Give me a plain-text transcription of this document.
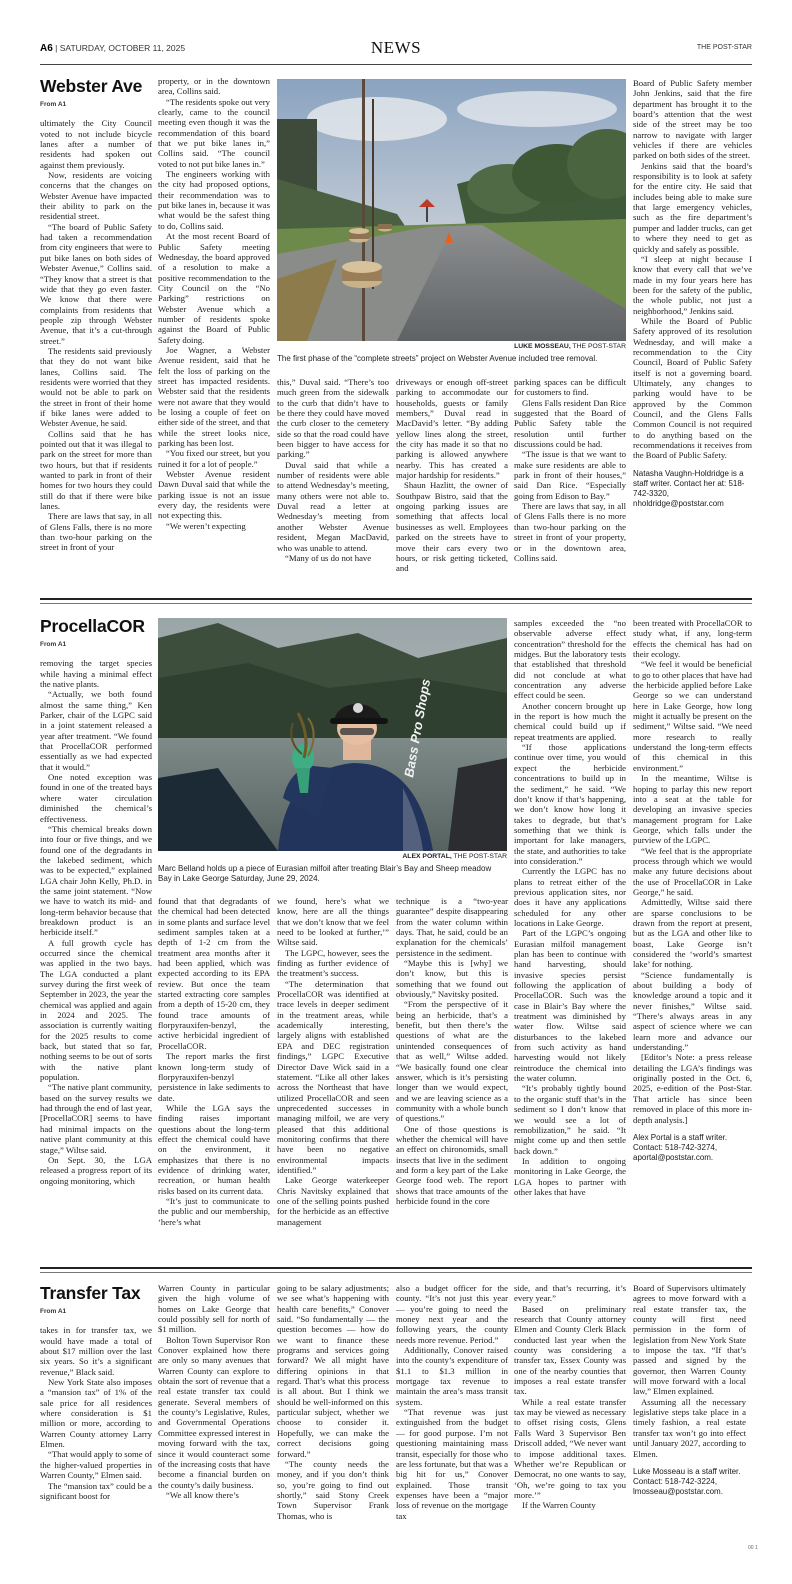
A6 | SATURDAY, OCTOBER 11, 2025	NEWS	THE POST-STAR
Webster Ave
From A1

ultimately the City Council voted to not include bicycle lanes after a number of residents had spoken out against them previously.

Now, residents are voicing concerns that the changes on Webster Avenue have impacted their ability to park on the residential street.

“The board of Public Safety had taken a recommendation from city engineers that were to put bike lanes on both sides of Webster Avenue,” Collins said. “They know that a street is that wide that they go even faster. We know that there were complaints from residents that people zip through Webster Avenue, that it’s a cut-through street.”

The residents said previously that they do not want bike lanes, Collins said. The residents were worried that they would not be able to park on the street in front of their home if bike lanes were added to Webster Avenue, he said.

Collins said that he has pointed out that it was illegal to park on the street for more than two hours, but that if residents wanted to park in front of their homes for two hours they could still do that if there were bike lanes.

There are laws that say, in all of Glens Falls, there is no more than two-hour parking on the street in front of your

property, or in the downtown area, Collins said.

“The residents spoke out very clearly, came to the council meeting even though it was the recommendation of this board that we put bike lanes in,” Collins said. “The council voted to not put bike lanes in.”

The engineers working with the city had proposed options, their recommendation was to put bike lanes in, because it was what would be the safest thing to do, Collins said.

At the most recent Board of Public Safety meeting Wednesday, the board approved of a resolution to make a positive recommendation to the City Council on the “No Parking” restrictions on Webster Avenue which a number of residents spoke against the Board of Public Safety doing.

Joe Wagner, a Webster Avenue resident, said that he felt the loss of parking on the street has impacted residents. Webster said that the residents were not aware that they would be losing a couple of feet on either side of the street, and that while the street looks nice, parking has been lost.

“You fixed our street, but you ruined it for a lot of people.”

Webster Avenue resident Dawn Duval said that while the parking issue is not an issue every day, the residents were not expecting this.

“We weren’t expecting

LUKE MOSSEAU, THE POST-STAR
The first phase of the “complete streets” project on Webster Avenue included tree removal.

this,” Duval said. “There’s too much green from the sidewalk to the curb that didn’t have to be there they could have moved the curb closer to the cemetery side so that the road could have been bigger to have access for parking.”

Duval said that while a number of residents were able to attend Wednesday’s meeting, many others were not able to. Duval read a letter at Wednesday’s meeting from another Webster Avenue resident, Megan MacDavid, who was unable to attend.

“Many of us do not have

driveways or enough off-street parking to accommodate our households, guests or family members,” Duval read in MacDavid’s letter. “By adding yellow lines along the street, the city has made it so that no parking is allowed anywhere nearby. This has created a major hardship for residents.”

Shaun Hazlitt, the owner of Southpaw Bistro, said that the ongoing parking issues are something that affects local businesses as well. Employees parked on the streets have to move their cars every two hours, or risk getting ticketed, and

parking spaces can be difficult for customers to find.

Glens Falls resident Dan Rice suggested that the Board of Public Safety table the resolution until further discussions could be had.

“The issue is that we want to make sure residents are able to park in front of their houses,” said Dan Rice. “Especially going from Edison to Bay.”

There are laws that say, in all of Glens Falls there is no more than two-hour parking on the street in front of your property, or in the downtown area, Collins said.

Board of Public Safety member John Jenkins, said that the fire department has brought it to the board’s attention that the west side of the street may be too narrow to navigate with larger vehicles if there are vehicles parked on both sides of the street.

Jenkins said that the board’s responsibility is to look at safety for the entire city. He said that includes being able to make sure that large emergency vehicles, such as the fire department’s pumper and ladder trucks, can get to where they need to get as quickly and safely as possible.

“I sleep at night because I know that every call that we’ve made in my four years here has been for the safety of the public, the whole public, not just a neighborhood,” Jenkins said.

While the Board of Public Safety approved of its resolution Wednesday, and will make a recommendation to the City Council, Board of Public Safety itself is not a governing board. Ultimately, any changes to parking would have to be approved by the Common Council, and the Glens Falls Common Council is not required to do anything based on the recommendations it receives from the Board of Public Safety.

Natasha Vaughn-Holdridge is a staff writer. Contact her at: 518-742-3320, nholdridge@poststar.com

ProcellaCOR
From A1

removing the target species while having a minimal effect the native plants.

“Actually, we both found almost the same thing,” Ken Parker, chair of the LGPC said in a joint statement released a year after treatment. “We found that ProcellaCOR performed essentially as we had expected that it would.”

One noted exception was found in one of the treated bays where water circulation diminished the chemical’s effectiveness.

“This chemical breaks down into four or five things, and we found one of the degradants in the lakebed sediment, which was to be expected,” explained LGA chair John Kelly, Ph.D. in the same joint statement. “Now we have to watch its mid- and long-term behavior because that breakdown product is an herbicide itself.”

A full growth cycle has occurred since the chemical was applied in the two bays. The LGA conducted a plant survey during the first week of September in 2023, the year the chemical was applied and again in 2024 and 2025. The association is currently waiting for the 2025 results to come back, but stated that so far, nothing seems to be out of sorts with the native plant population.

“The native plant community, based on the survey results we had through the end of last year, [ProcellaCOR] seems to have had minimal impacts on the native plant community at this stage,” Wiltse said.

On Sept. 30, the LGA released a progress report of its ongoing monitoring, which

Bass Pro Shops
ALEX PORTAL, THE POST-STAR
Marc Belland holds up a piece of Eurasian milfoil after treating Blair’s Bay and Sheep meadow Bay in Lake George Saturday, June 29, 2024.

found that that degradants of the chemical had been detected in some plants and surface level sediment samples taken at a depth of 1-2 cm from the treatment area months after it had been applied, which was expected according to its EPA review. But once the team started extracting core samples from a depth of 15-20 cm, they found trace amounts of florpyrauxifen-benzyl, the active herbicidal ingredient of ProcellaCOR.

The report marks the first known long-term study of florpyrauxifen-benzyl persistence in lake sediments to date.

While the LGA says the finding raises important questions about the long-term effect the chemical could have on the environment, it emphasizes that there is no evidence of drinking water, recreation, or human health risks based on its current data.

“It’s just to communicate to the public and our membership, ‘here’s what

we found, here’s what we know, here are all the things that we don’t know that we feel need to be looked at further,’” Wiltse said.

The LGPC, however, sees the finding as further evidence of the treatment’s success.

“The determination that ProcellaCOR was identified at trace levels in deeper sediment in the treatment areas, while academically interesting, largely aligns with established EPA and DEC registration findings,” LGPC Executive Director Dave Wick said in a statement. “Like all other lakes across the Northeast that have utilized ProcellaCOR and seen unprecedented successes in managing milfoil, we are very pleased that this additional monitoring confirms that there have been no negative environmental impacts identified.”

Lake George waterkeeper Chris Navitsky explained that one of the selling points pushed for the herbicide as an effective management

technique is a “two-year guarantee” despite disappearing from the water column within days. That, he said, could be an explanation for the chemicals’ persistence in the sediment.

“Maybe this is [why] we don’t know, but this is something that we found out obviously,” Navitsky posited.

“From the perspective of it being an herbicide, that’s a benefit, but then there’s the questions of what are the unintended consequences of that as well,” Wiltse added. “We basically found one clear answer, which is it’s persisting longer than we would expect, and we are leaving science as a community with a whole bunch of questions.”

One of those questions is whether the chemical will have an effect on chironomids, small insects that live in the sediment and form a key part of the Lake George food web. The report shows that trace amounts of the herbicide found in the core

samples exceeded the “no observable adverse effect concentration” threshold for the midges. But the laboratory tests that established that threshold did not conclude at what concentration any adverse effect could be seen.

Another concern brought up in the report is how much the chemical could build up if repeat treatments are applied.

“If those applications continue over time, you would expect the herbicide concentrations to build up in the sediment,” he said. “We don’t know if that’s happening, we don’t know how long it takes to degrade, but that’s something that we think is important for lake managers, the state, and authorities to take into consideration.”

Currently the LGPC has no plans to retreat either of the previous application sites, nor does it have any applications scheduled for any other locations in Lake George.

Part of the LGPC’s ongoing Eurasian milfoil management plan has been to continue with hand harvesting, should invasive species persist following the application of ProcellaCOR. Such was the case in Blair’s Bay where the treatment was diminished by water flow. Wiltse said disturbances to the lakebed from such activity as hand harvesting would not likely reintroduce the chemical into the water column.

“It’s probably tightly bound to the organic stuff that’s in the sediment so I don’t know that we would see a lot of remobilization,” he said. “It might come up and then settle back down.”

In addition to ongoing monitoring in Lake George, the LGA hopes to partner with other lakes that have

been treated with ProcellaCOR to study what, if any, long-term effects the chemical has had on their ecology.

“We feel it would be beneficial to go to other places that have had the herbicide applied before Lake George so we can understand here in Lake George, how long might it actually be present on the sediment,” Wiltse said. “We need more research to really understand the long-term effects of this chemical in this environment.”

In the meantime, Wiltse is hoping to parlay this new report into a seat at the table for developing an invasive species management program for Lake George, which falls under the purview of the LGPC.

“We feel that is the appropriate process through which we would make any future decisions about the use of ProcellaCOR in Lake George,” he said.

Admittedly, Wiltse said there are sparse conclusions to be drawn from the report at present, but as the LGA and other like to boast, Lake George isn’t considered the ‘world’s smartest lake’ for nothing.

“Science fundamentally is about building a body of knowledge around a topic and it never finishes,” Wiltse said. “There’s always areas in any aspect of science where we can learn more and advance our understanding.”

[Editor’s Note: a press release detailing the LGA’s findings was originally posted in the Oct. 6, 2025, e-edition of the Post-Star. That article has since been removed in place of this more in-depth analysis.]

Alex Portal is a staff writer. Contact: 518-742-3274, aportal@poststar.com.

Transfer Tax
From A1

takes in for transfer tax, we would have made a total of about $17 million over the last six years. So it’s a significant revenue,” Black said.

New York State also imposes a “mansion tax” of 1% of the sale price for all residences where consideration is $1 million or more, according to Warren County attorney Larry Elmen.

“That would apply to some of the higher-valued properties in Warren County,” Elmen said.

The “mansion tax” could be a significant boost for

Warren County in particular given the high volume of homes on Lake George that could possibly sell for north of $1 million.

Bolton Town Supervisor Ron Conover explained how there are only so many avenues that Warren County can explore to obtain the sort of revenue that a real estate transfer tax could generate. Several members of the county’s Legislative, Rules, and Governmental Operations Committee expressed interest in moving forward with the tax, since it would counteract some of the increasing costs that have become a financial burden on the county’s daily business.

“We all know there’s

going to be salary adjustments; we see what’s happening with health care benefits,” Conover said. “So fundamentally — the question becomes — how do we want to finance these programs and services going forward? We all might have differing opinions in that regard. That’s what this process is all about. But I think we should be well-informed on this particular subject, whether we choose to consider it. Hopefully, we can make the correct decisions going forward.”

“The county needs the money, and if you don’t think so, you’re going to find out shortly,” said Stony Creek Town Supervisor Frank Thomas, who is

also a budget officer for the county. “It’s not just this year — you’re going to need the money next year and the following years, the county needs more revenue. Period.”

Additionally, Conover raised into the county’s expenditure of $1.1 to $1.3 million in mortgage tax revenue to maintain the area’s mass transit system.

“That revenue was just extinguished from the budget — for good purpose. I’m not questioning maintaining mass transit, especially for those who are less fortunate, but that was a big hit for us,” Conover explained. Those transit expenses have been a “major loss of revenue on the mortgage tax

side, and that’s recurring, it’s every year.”

Based on preliminary research that County attorney Elmen and County Clerk Black conducted last year when the county was considering a transfer tax, Essex County was one of the nearby counties that imposes a real estate transfer tax.

While a real estate transfer tax may be viewed as necessary to offset rising costs, Glens Falls Ward 3 Supervisor Ben Driscoll added, “We never want to impose additional taxes. Whether we’re Republican or Democrat, no one wants to say, ‘Oh, we’re going to tax you more.’”

If the Warren County

Board of Supervisors ultimately agrees to move forward with a real estate transfer tax, the county will first need permission in the form of legislation from New York State to impose the tax. “If that’s passed and signed by the governor, then Warren County will move forward with a local law,” Elmen explained.

Assuming all the necessary legislative steps take place in a timely fashion, a real estate transfer tax won’t go into effect until January 2027, according to Elmen.

Luke Mosseau is a staff writer. Contact: 518-742-3224, lmosseau@poststar.com.

00 1
